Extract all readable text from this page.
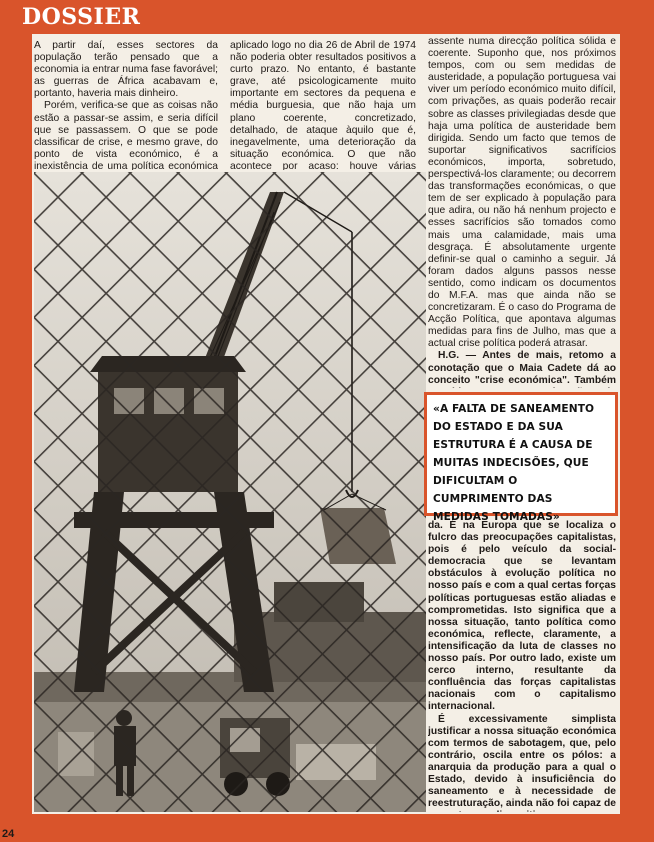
DOSSIER

A partir daí, esses sectores da população terão pensado que a economia ia entrar numa fase favorável; as guerras de África acabavam e, portanto, haveria mais dinheiro.

Porém, verifica-se que as coisas não estão a passar-se assim, e seria difícil que se passassem. O que se pode classificar de crise, e mesmo grave, do ponto de vista económico, é a inexistência de uma política económica

aplicado logo no dia 26 de Abril de 1974 não poderia obter resultados positivos a curto prazo. No entanto, é bastante grave, até psicologicamente muito importante em sectores da pequena e média burguesia, que não haja um plano coerente, concretizado, detalhado, de ataque àquilo que é, inegavelmente, uma deterioração da situação económica. O que não acontece por acaso: houve várias

assente numa direcção política sólida e coerente. Suponho que, nos próximos tempos, com ou sem medidas de austeridade, a população portuguesa vai viver um período económico muito difícil, com privações, as quais poderão recair sobre as classes privilegiadas desde que haja uma política de austeridade bem dirigida. Sendo um facto que temos de suportar significativos sacrifícios económicos, importa, sobretudo, perspectivá-los claramente; ou decorrem das transformações económicas, o que tem de ser explicado à população para que adira, ou não há nenhum projecto e esses sacrifícios são tomados como mais uma calamidade, mais uma desgraça. É absolutamente urgente definir-se qual o caminho a seguir. Já foram dados alguns passos nesse sentido, como indicam os documentos do M.F.A. mas que ainda não se concretizaram. É o caso do Programa de Acção Política, que apontava algumas medidas para fins de Julho, mas que a actual crise política poderá atrasar.

H.G. — Antes de mais, retomo a conotação que o Maia Cadete dá ao conceito "crise económica". Também

«A FALTA DE SANEAMENTO DO ESTADO E DA SUA ESTRUTURA É A CAUSA DE MUITAS INDECISÕES, QUE DIFICULTAM O CUMPRIMENTO DAS MEDIDAS TOMADAS»

da. É na Europa que se localiza o fulcro das preocupações capitalistas, pois é pelo veículo da social-democracia que se levantam obstáculos à evolução política no nosso país e com a qual certas forças políticas portuguesas estão aliadas e comprometidas. Isto significa que a nossa situação, tanto política como económica, reflecte, claramente, a intensificação da luta de classes no nosso país. Por outro lado, existe um cerco interno, resultante da confluência das forças capitalistas nacionais com o capitalismo internacional.

É excessivamente simplista justificar a nossa situação económica com termos de sabotagem, que, pelo contrário, oscila entre os pólos: a anarquia da produção para a qual o Estado, devido à insuficiência do saneamento e à necessidade de reestruturação, ainda não foi capaz de

24
